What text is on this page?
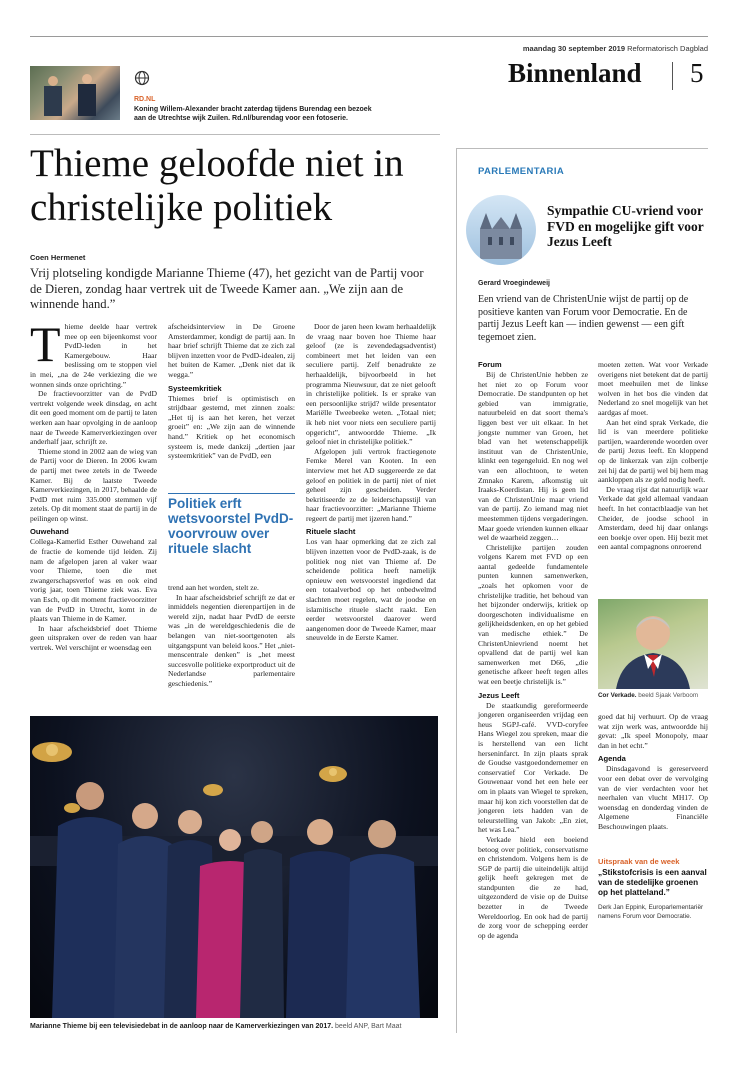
maandag 30 september 2019 Reformatorisch Dagblad
Binnenland 5
RD.NL
Koning Willem-Alexander bracht zaterdag tijdens Burendag een bezoek aan de Utrechtse wijk Zuilen. Rd.nl/burendag voor een fotoserie.
Thieme geloofde niet in
christelijke politiek
Coen Hermenet
Vrij plotseling kondigde Marianne Thieme (47), het gezicht van de Partij voor de Dieren, zondag haar vertrek uit de Tweede Kamer aan. „We zijn aan de winnende hand.”
T hieme deelde haar vertrek mee op een bijeenkomst voor PvdD-leden in het Kamergebouw. Haar beslissing om te stoppen viel in mei, „na de 24e verkiezing die we wonnen sinds onze oprichting.”

De fractievoorzitter van de PvdD vertrekt volgende week dinsdag, en acht dit een goed moment om de partij te laten werken aan haar opvolging in de aanloop naar de Tweede Kamerverkiezingen over anderhalf jaar, schrijft ze.

Thieme stond in 2002 aan de wieg van de Partij voor de Dieren. In 2006 kwam de partij met twee zetels in de Tweede Kamer. Bij de laatste Tweede Kamerverkiezingen, in 2017, behaalde de PvdD met ruim 335.000 stemmen vijf zetels. Op dit moment staat de partij in de peilingen op winst.

Ouwehand

Collega-Kamerlid Esther Ouwehand zal de fractie de komende tijd leiden. Zij nam de afgelopen jaren al vaker waar voor Thieme, toen die met zwangerschapsverlof was en ook eind vorig jaar, toen Thieme ziek was. Eva van Esch, op dit moment fractievoorzitter van de PvdD in Utrecht, komt in de plaats van Thieme in de Kamer.

In haar afscheidsbrief doet Thieme geen uitspraken over de reden van haar vertrek. Wel verschijnt er woensdag een

afscheidsinterview in De Groene Amsterdammer, kondigt de partij aan. In haar brief schrijft Thieme dat ze zich zal blijven inzetten voor de PvdD-idealen, zij het buiten de Kamer. „Denk niet dat ik wegga.”

Systeemkritiek

Thiemes brief is optimistisch en strijdbaar gestemd, met zinnen zoals: „Het tij is aan het keren, het verzet groeit” en: „We zijn aan de winnende hand.” Kritiek op het economisch systeem is, mede dankzij „dertien jaar systeemkritiek” van de PvdD, een

Politiek erft wetsvoorstel PvdD-voorvrouw over rituele slacht

trend aan het worden, stelt ze.

In haar afscheidsbrief schrijft ze dat er inmiddels negentien dierenpartijen in de wereld zijn, nadat haar PvdD de eerste was „in de wereldgeschiedenis die de belangen van niet-soortgenoten als uitgangspunt van beleid koos.” Het „niet-menscentrale denken” is „het meest succesvolle politieke exportproduct uit de Nederlandse parlementaire geschiedenis.”

Door de jaren heen kwam herhaaldelijk de vraag naar boven hoe Thieme haar geloof (ze is zevendedagsadventist) combineert met het leiden van een seculiere partij. Zelf benadrukte ze herhaaldelijk, bijvoorbeeld in het programma Nieuwsuur, dat ze niet gelooft in christelijke politiek. Is er sprake van een persoonlijke strijd? wilde presentator Mariëlle Tweebeeke weten. „Totaal niet; ik heb niet voor niets een seculiere partij opgericht”, antwoordde Thieme. „Ik geloof niet in christelijke politiek.”

Afgelopen juli vertrok fractiegenote Femke Merel van Kooten. In een interview met het AD suggereerde ze dat geloof en politiek in de partij niet of niet geheel zijn gescheiden. Verder bekritiseerde ze de leiderschapsstijl van haar fractievoorzitter: „Marianne Thieme regeert de partij met ijzeren hand.”

Rituele slacht

Los van haar opmerking dat ze zich zal blijven inzetten voor de PvdD-zaak, is de politiek nog niet van Thieme af. De scheidende politica heeft namelijk opnieuw een wetsvoorstel ingediend dat een totaalverbod op het onbedwelmd slachten moet regelen, wat de joodse en islamitische rituele slacht raakt. Een eerder wetsvoorstel daarover werd aangenomen door de Tweede Kamer, maar sneuvelde in de Eerste Kamer.

Marianne Thieme bij een televisiedebat in de aanloop naar de Kamerverkiezingen van 2017. beeld ANP, Bart Maat
PARLEMENTARIA
Sympathie CU-vriend voor FVD en mogelijke gift voor Jezus Leeft
Gerard Vroegindeweij
Een vriend van de ChristenUnie wijst de partij op de positieve kanten van Forum voor Democratie. En de partij Jezus Leeft kan — indien gewenst — een gift tegemoet zien.
Forum

Bij de ChristenUnie hebben ze het niet zo op Forum voor Democratie. De standpunten op het gebied van immigratie, natuurbeleid en dat soort thema's liggen best ver uit elkaar. In het jongste nummer van Groen, het blad van het wetenschappelijk instituut van de ChristenUnie, klinkt een tegengeluid. En nog wel van een allochtoon, te weten Zmnako Karem, afkomstig uit Iraaks-Koerdistan. Hij is geen lid van de ChristenUnie maar vriend van de partij. Zo iemand mag niet meestemmen tijdens vergaderingen. Maar goede vrienden kunnen elkaar wel de waarheid zeggen…

Christelijke partijen zouden volgens Karem met FVD op een aantal gedeelde fundamentele punten kunnen samenwerken, „zoals het opkomen voor de christelijke traditie, het behoud van het bijzonder onderwijs, kritiek op doorgeschoten individualisme en gelijkheidsdenken, en op het gebied van medische ethiek.” De ChristenUnievriend noemt het opvallend dat de partij wel kan samenwerken met D66, „die genetische afkeer heeft tegen alles wat een beetje christelijk is.”

Jezus Leeft

De staatkundig gereformeerde jongeren organiseerden vrijdag een heus SGPJ-café. VVD-coryfee Hans Wiegel zou spreken, maar die is herstellend van een licht herseninfarct. In zijn plaats sprak de Goudse vastgoedondernemer en conservatief Cor Verkade. De Gouwenaar vond het een hele eer om in plaats van Wiegel te spreken, maar hij kon zich voorstellen dat de jongeren iets hadden van de teleurstelling van Jakob: „En ziet, het was Lea.”

Verkade hield een boeiend betoog over politiek, conservatisme en christendom. Volgens hem is de SGP de partij die uiteindelijk altijd gelijk heeft gekregen met de standpunten die ze had, uitgezonderd de visie op de Duitse bezetter in de Tweede Wereldoorlog. En ook had de partij de zorg voor de schepping eerder op de agenda

moeten zetten. Wat voor Verkade overigens niet betekent dat de partij moet meehuilen met de linkse wolven in het bos die vinden dat Nederland zo snel mogelijk van het aardgas af moet.

Aan het eind sprak Verkade, die lid is van meerdere politieke partijen, waarderende woorden over de partij Jezus leeft. En kloppend op de linkerzak van zijn colbertje zei hij dat de partij wel bij hem mag aankloppen als ze geld nodig heeft.

De vraag rijst dat natuurlijk waar Verkade dat geld allemaal vandaan heeft. In het contactblaadje van het Cheider, de joodse school in Amsterdam, deed hij daar onlangs een boekje over open. Hij bezit met een aantal compagnons onroerend

Cor Verkade. beeld Sjaak Verboom

goed dat hij verhuurt. Op de vraag wat zijn werk was, antwoordde hij gevat: „Ik speel Monopoly, maar dan in het echt.”

Agenda

Dinsdagavond is gereserveerd voor een debat over de vervolging van de vier verdachten voor het neerhalen van vlucht MH17. Op woensdag en donderdag vinden de Algemene Financiële Beschouwingen plaats.

Uitspraak van de week
„Stikstofcrisis is een aanval van de stedelijke groenen op het platteland.”
Derk Jan Eppink, Europarlementariër namens Forum voor Democratie.
